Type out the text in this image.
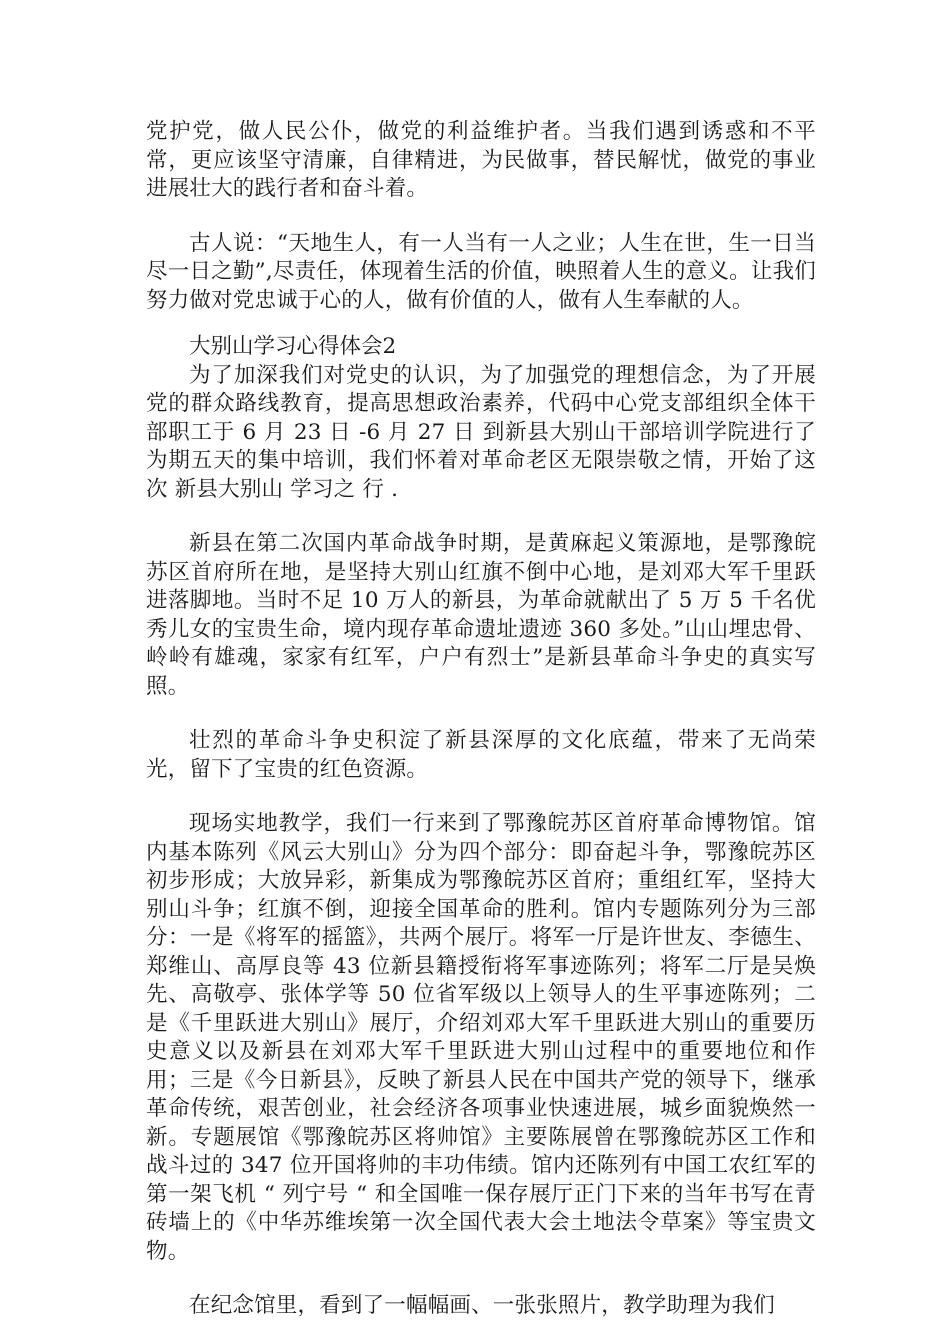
党护党，做人民公仆，做党的利益维护者。当我们遇到诱惑和不平常，更应该坚守清廉，自律精进，为民做事，替民解忧，做党的事业进展壮大的践行者和奋斗着。

古人说：“天地生人，有一人当有一人之业；人生在世，生一日当尽一日之勤”,尽责任，体现着生活的价值，映照着人生的意义。让我们努力做对党忠诚于心的人，做有价值的人，做有人生奉献的人。

大别山学习心得体会2

为了加深我们对党史的认识，为了加强党的理想信念，为了开展党的群众路线教育，提高思想政治素养，代码中心党支部组织全体干部职工于 6 月 23 日 -6 月 27 日 到新县大别山干部培训学院进行了为期五天的集中培训，我们怀着对革命老区无限崇敬之情，开始了这次 新县大别山 学习之 行 .

新县在第二次国内革命战争时期，是黄麻起义策源地，是鄂豫皖苏区首府所在地，是坚持大别山红旗不倒中心地，是刘邓大军千里跃进落脚地。当时不足 10 万人的新县，为革命就献出了 5 万 5 千名优秀儿女的宝贵生命，境内现存革命遗址遗迹 360 多处。”山山埋忠骨、岭岭有雄魂，家家有红军，户户有烈士”是新县革命斗争史的真实写照。

壮烈的革命斗争史积淀了新县深厚的文化底蕴，带来了无尚荣光，留下了宝贵的红色资源。

现场实地教学，我们一行来到了鄂豫皖苏区首府革命博物馆。馆内基本陈列《风云大别山》分为四个部分：即奋起斗争，鄂豫皖苏区初步形成；大放异彩，新集成为鄂豫皖苏区首府；重组红军，坚持大别山斗争；红旗不倒，迎接全国革命的胜利。馆内专题陈列分为三部分：一是《将军的摇篮》，共两个展厅。将军一厅是许世友、李德生、郑维山、高厚良等 43 位新县籍授衔将军事迹陈列；将军二厅是吴焕先、高敬亭、张体学等 50 位省军级以上领导人的生平事迹陈列；二是《千里跃进大别山》展厅，介绍刘邓大军千里跃进大别山的重要历史意义以及新县在刘邓大军千里跃进大别山过程中的重要地位和作用；三是《今日新县》，反映了新县人民在中国共产党的领导下，继承革命传统，艰苦创业，社会经济各项事业快速进展，城乡面貌焕然一新。专题展馆《鄂豫皖苏区将帅馆》主要陈展曾在鄂豫皖苏区工作和战斗过的 347 位开国将帅的丰功伟绩。馆内还陈列有中国工农红军的第一架飞机 “ 列宁号 “ 和全国唯一保存展厅正门下来的当年书写在青砖墙上的《中华苏维埃第一次全国代表大会土地法令草案》等宝贵文物。

在纪念馆里，看到了一幅幅画、一张张照片，教学助理为我们
